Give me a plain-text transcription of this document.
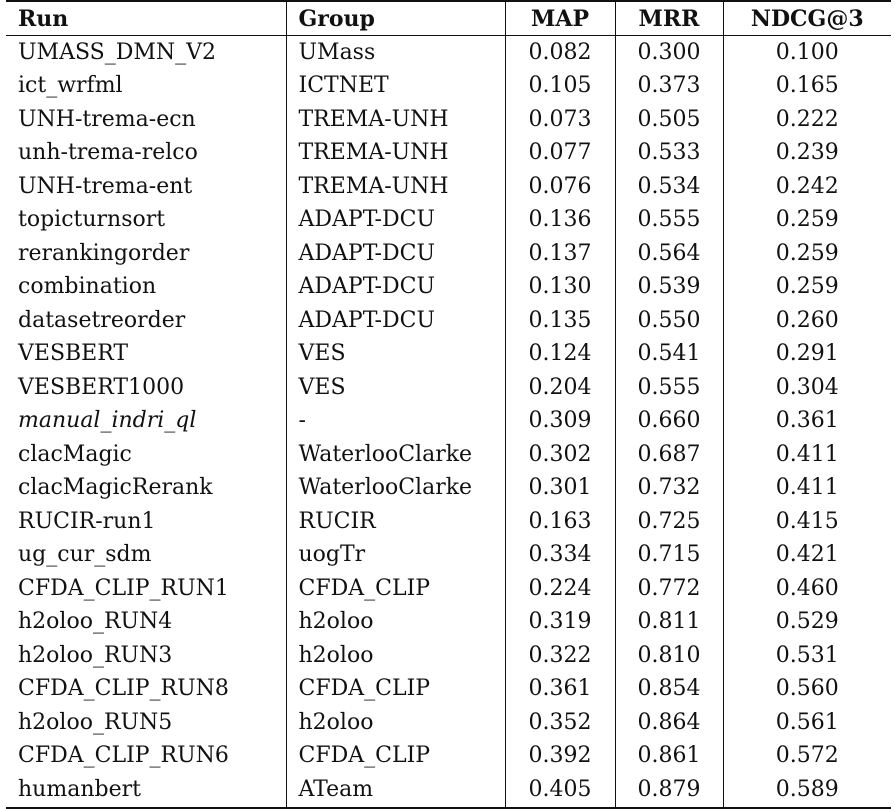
Run	Group	MAP	MRR	NDCG@3
UMASS_DMN_V2	UMass	0.082	0.300	0.100
ict_wrfml	ICTNET	0.105	0.373	0.165
UNH-trema-ecn	TREMA-UNH	0.073	0.505	0.222
unh-trema-relco	TREMA-UNH	0.077	0.533	0.239
UNH-trema-ent	TREMA-UNH	0.076	0.534	0.242
topicturnsort	ADAPT-DCU	0.136	0.555	0.259
rerankingorder	ADAPT-DCU	0.137	0.564	0.259
combination	ADAPT-DCU	0.130	0.539	0.259
datasetreorder	ADAPT-DCU	0.135	0.550	0.260
VESBERT	VES	0.124	0.541	0.291
VESBERT1000	VES	0.204	0.555	0.304
manual_indri_ql	-	0.309	0.660	0.361
clacMagic	WaterlooClarke	0.302	0.687	0.411
clacMagicRerank	WaterlooClarke	0.301	0.732	0.411
RUCIR-run1	RUCIR	0.163	0.725	0.415
ug_cur_sdm	uogTr	0.334	0.715	0.421
CFDA_CLIP_RUN1	CFDA_CLIP	0.224	0.772	0.460
h2oloo_RUN4	h2oloo	0.319	0.811	0.529
h2oloo_RUN3	h2oloo	0.322	0.810	0.531
CFDA_CLIP_RUN8	CFDA_CLIP	0.361	0.854	0.560
h2oloo_RUN5	h2oloo	0.352	0.864	0.561
CFDA_CLIP_RUN6	CFDA_CLIP	0.392	0.861	0.572
humanbert	ATeam	0.405	0.879	0.589
